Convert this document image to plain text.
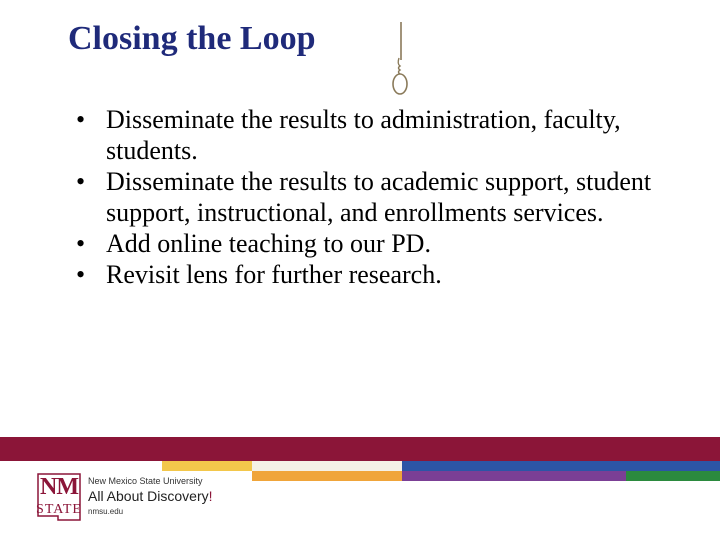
Closing the Loop
• Disseminate the results to administration, faculty, students.
• Disseminate the results to academic support, student support, instructional, and enrollments services.
• Add online teaching to our PD.
• Revisit lens for further research.
NM
STATE
New Mexico State University
All About Discovery!
nmsu.edu
